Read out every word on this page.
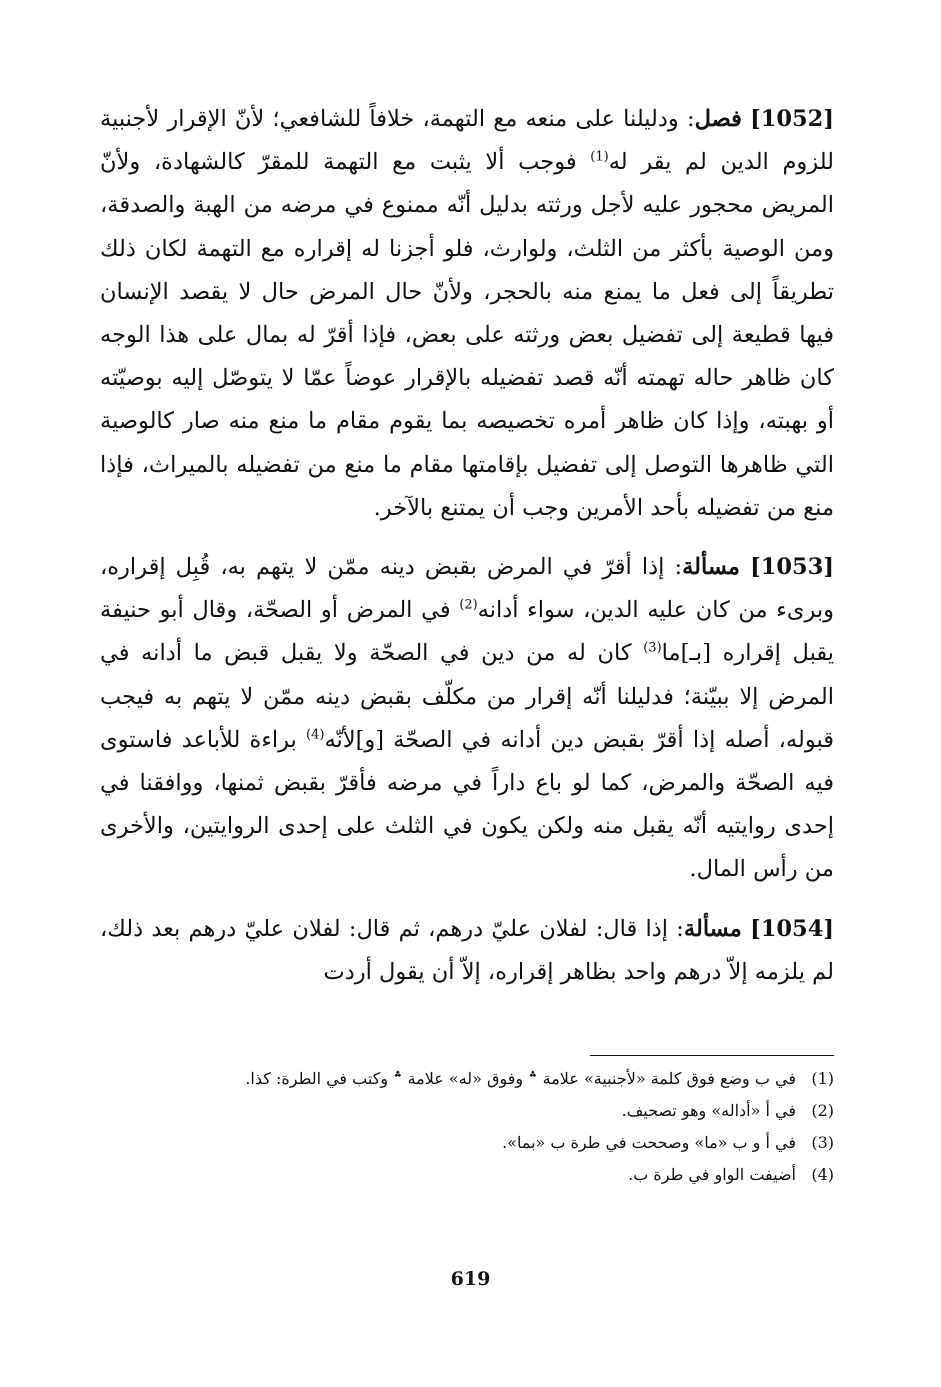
[1052] فصل: ودليلنا على منعه مع التهمة، خلافاً للشافعي؛ لأنّ الإقرار لأجنبية للزوم الدين لم يقر له$^{(1)}$ فوجب ألا يثبت مع التهمة للمقرّ كالشهادة، ولأنّ المريض محجور عليه لأجل ورثته بدليل أنّه ممنوع في مرضه من الهبة والصدقة، ومن الوصية بأكثر من الثلث، ولوارث، فلو أجزنا له إقراره مع التهمة لكان ذلك تطريقاً إلى فعل ما يمنع منه بالحجر، ولأنّ حال المرض حال لا يقصد الإنسان فيها قطيعة إلى تفضيل بعض ورثته على بعض، فإذا أقرّ له بمال على هذا الوجه كان ظاهر حاله تهمته أنّه قصد تفضيله بالإقرار عوضاً عمّا لا يتوصّل إليه بوصيّته أو بهبته، وإذا كان ظاهر أمره تخصيصه بما يقوم مقام ما منع منه صار كالوصية التي ظاهرها التوصل إلى تفضيل بإقامتها مقام ما منع من تفضيله بالميراث، فإذا منع من تفضيله بأحد الأمرين وجب أن يمتنع بالآخر.

[1053] مسألة: إذا أقرّ في المرض بقبض دينه ممّن لا يتهم به، قُبِل إقراره، وبرىء من كان عليه الدين، سواء أدانه$^{(2)}$ في المرض أو الصحّة، وقال أبو حنيفة يقبل إقراره [بـ]ما$^{(3)}$ كان له من دين في الصحّة ولا يقبل قبض ما أدانه في المرض إلا ببيّنة؛ فدليلنا أنّه إقرار من مكلّف بقبض دينه ممّن لا يتهم به فيجب قبوله، أصله إذا أقرّ بقبض دين أدانه في الصحّة [و]لأنّه$^{(4)}$ براءة للأباعد فاستوى فيه الصحّة والمرض، كما لو باع داراً في مرضه فأقرّ بقبض ثمنها، ووافقنا في إحدى روايتيه أنّه يقبل منه ولكن يكون في الثلث على إحدى الروايتين، والأخرى من رأس المال.

[1054] مسألة: إذا قال: لفلان عليّ درهم، ثم قال: لفلان عليّ درهم بعد ذلك، لم يلزمه إلاّ درهم واحد بظاهر إقراره، إلاّ أن يقول أردت

(1)
في ب وضع فوق كلمة «لأجنبية» علامة ؞ وفوق «له» علامة ؞ وكتب في الطرة: كذا.
(2)
في أ «أداله» وهو تصحيف.
(3)
في أ و ب «ما» وصححت في طرة ب «بما».
(4)
أضيفت الواو في طرة ب.
619
